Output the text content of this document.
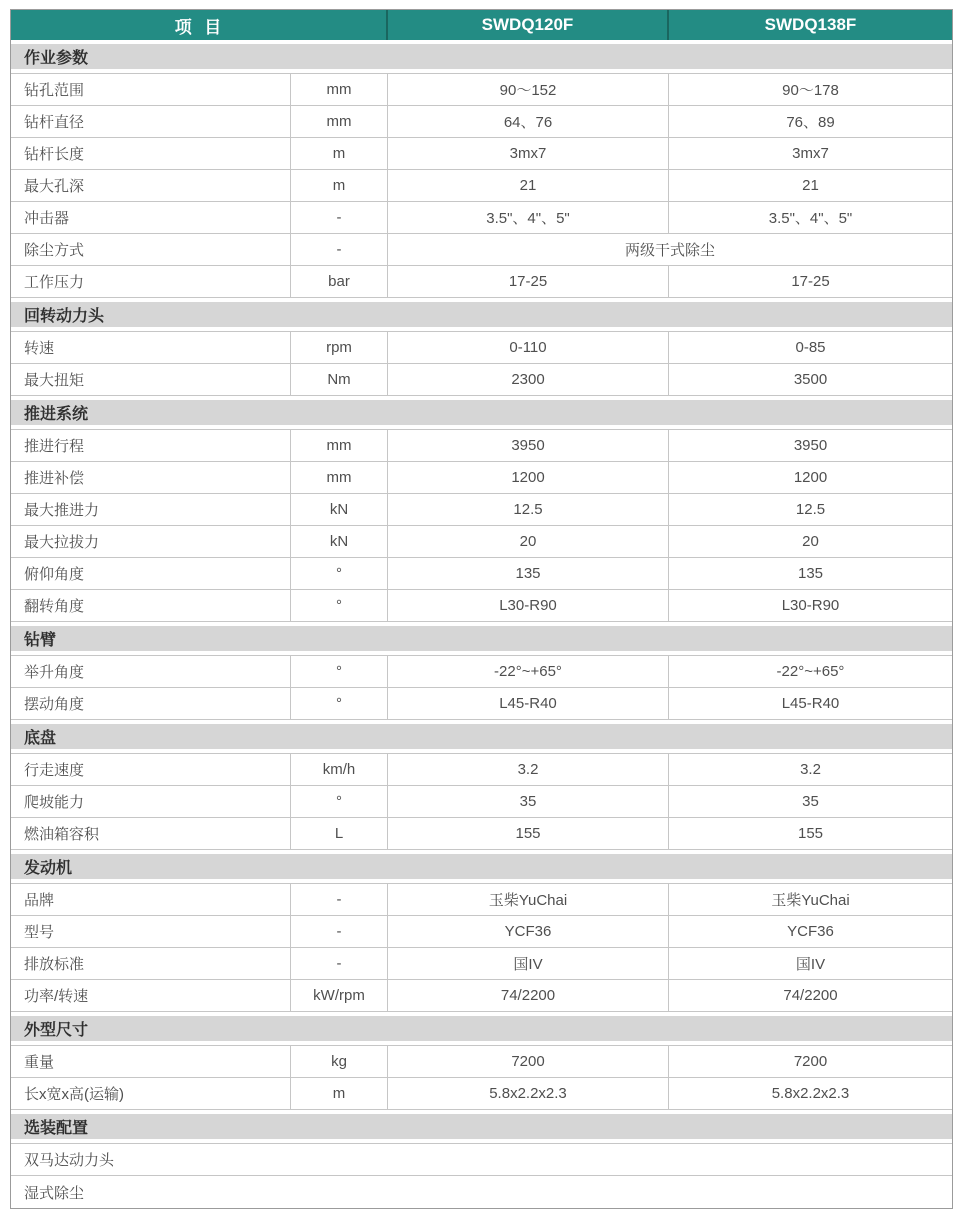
项  目	SWDQ120F	SWDQ138F
作业参数
钻孔范围	mm	90～152	90～178
钻杆直径	mm	64、76	76、89
钻杆长度	m	3mx7	3mx7
最大孔深	m	21	21
冲击器	-	3.5"、4"、5"	3.5"、4"、5"
除尘方式	-	两级干式除尘
工作压力	bar	17-25	17-25
回转动力头
转速	rpm	0-110	0-85
最大扭矩	Nm	2300	3500
推进系统
推进行程	mm	3950	3950
推进补偿	mm	1200	1200
最大推进力	kN	12.5	12.5
最大拉拔力	kN	20	20
俯仰角度	°	135	135
翻转角度	°	L30-R90	L30-R90
钻臂
举升角度	°	-22°~+65°	-22°~+65°
摆动角度	°	L45-R40	L45-R40
底盘
行走速度	km/h	3.2	3.2
爬坡能力	°	35	35
燃油箱容积	L	155	155
发动机
品牌	-	玉柴YuChai	玉柴YuChai
型号	-	YCF36	YCF36
排放标准	-	国IV	国IV
功率/转速	kW/rpm	74/2200	74/2200
外型尺寸
重量	kg	7200	7200
长x宽x高(运输)	m	5.8x2.2x2.3	5.8x2.2x2.3
选装配置
双马达动力头
湿式除尘
